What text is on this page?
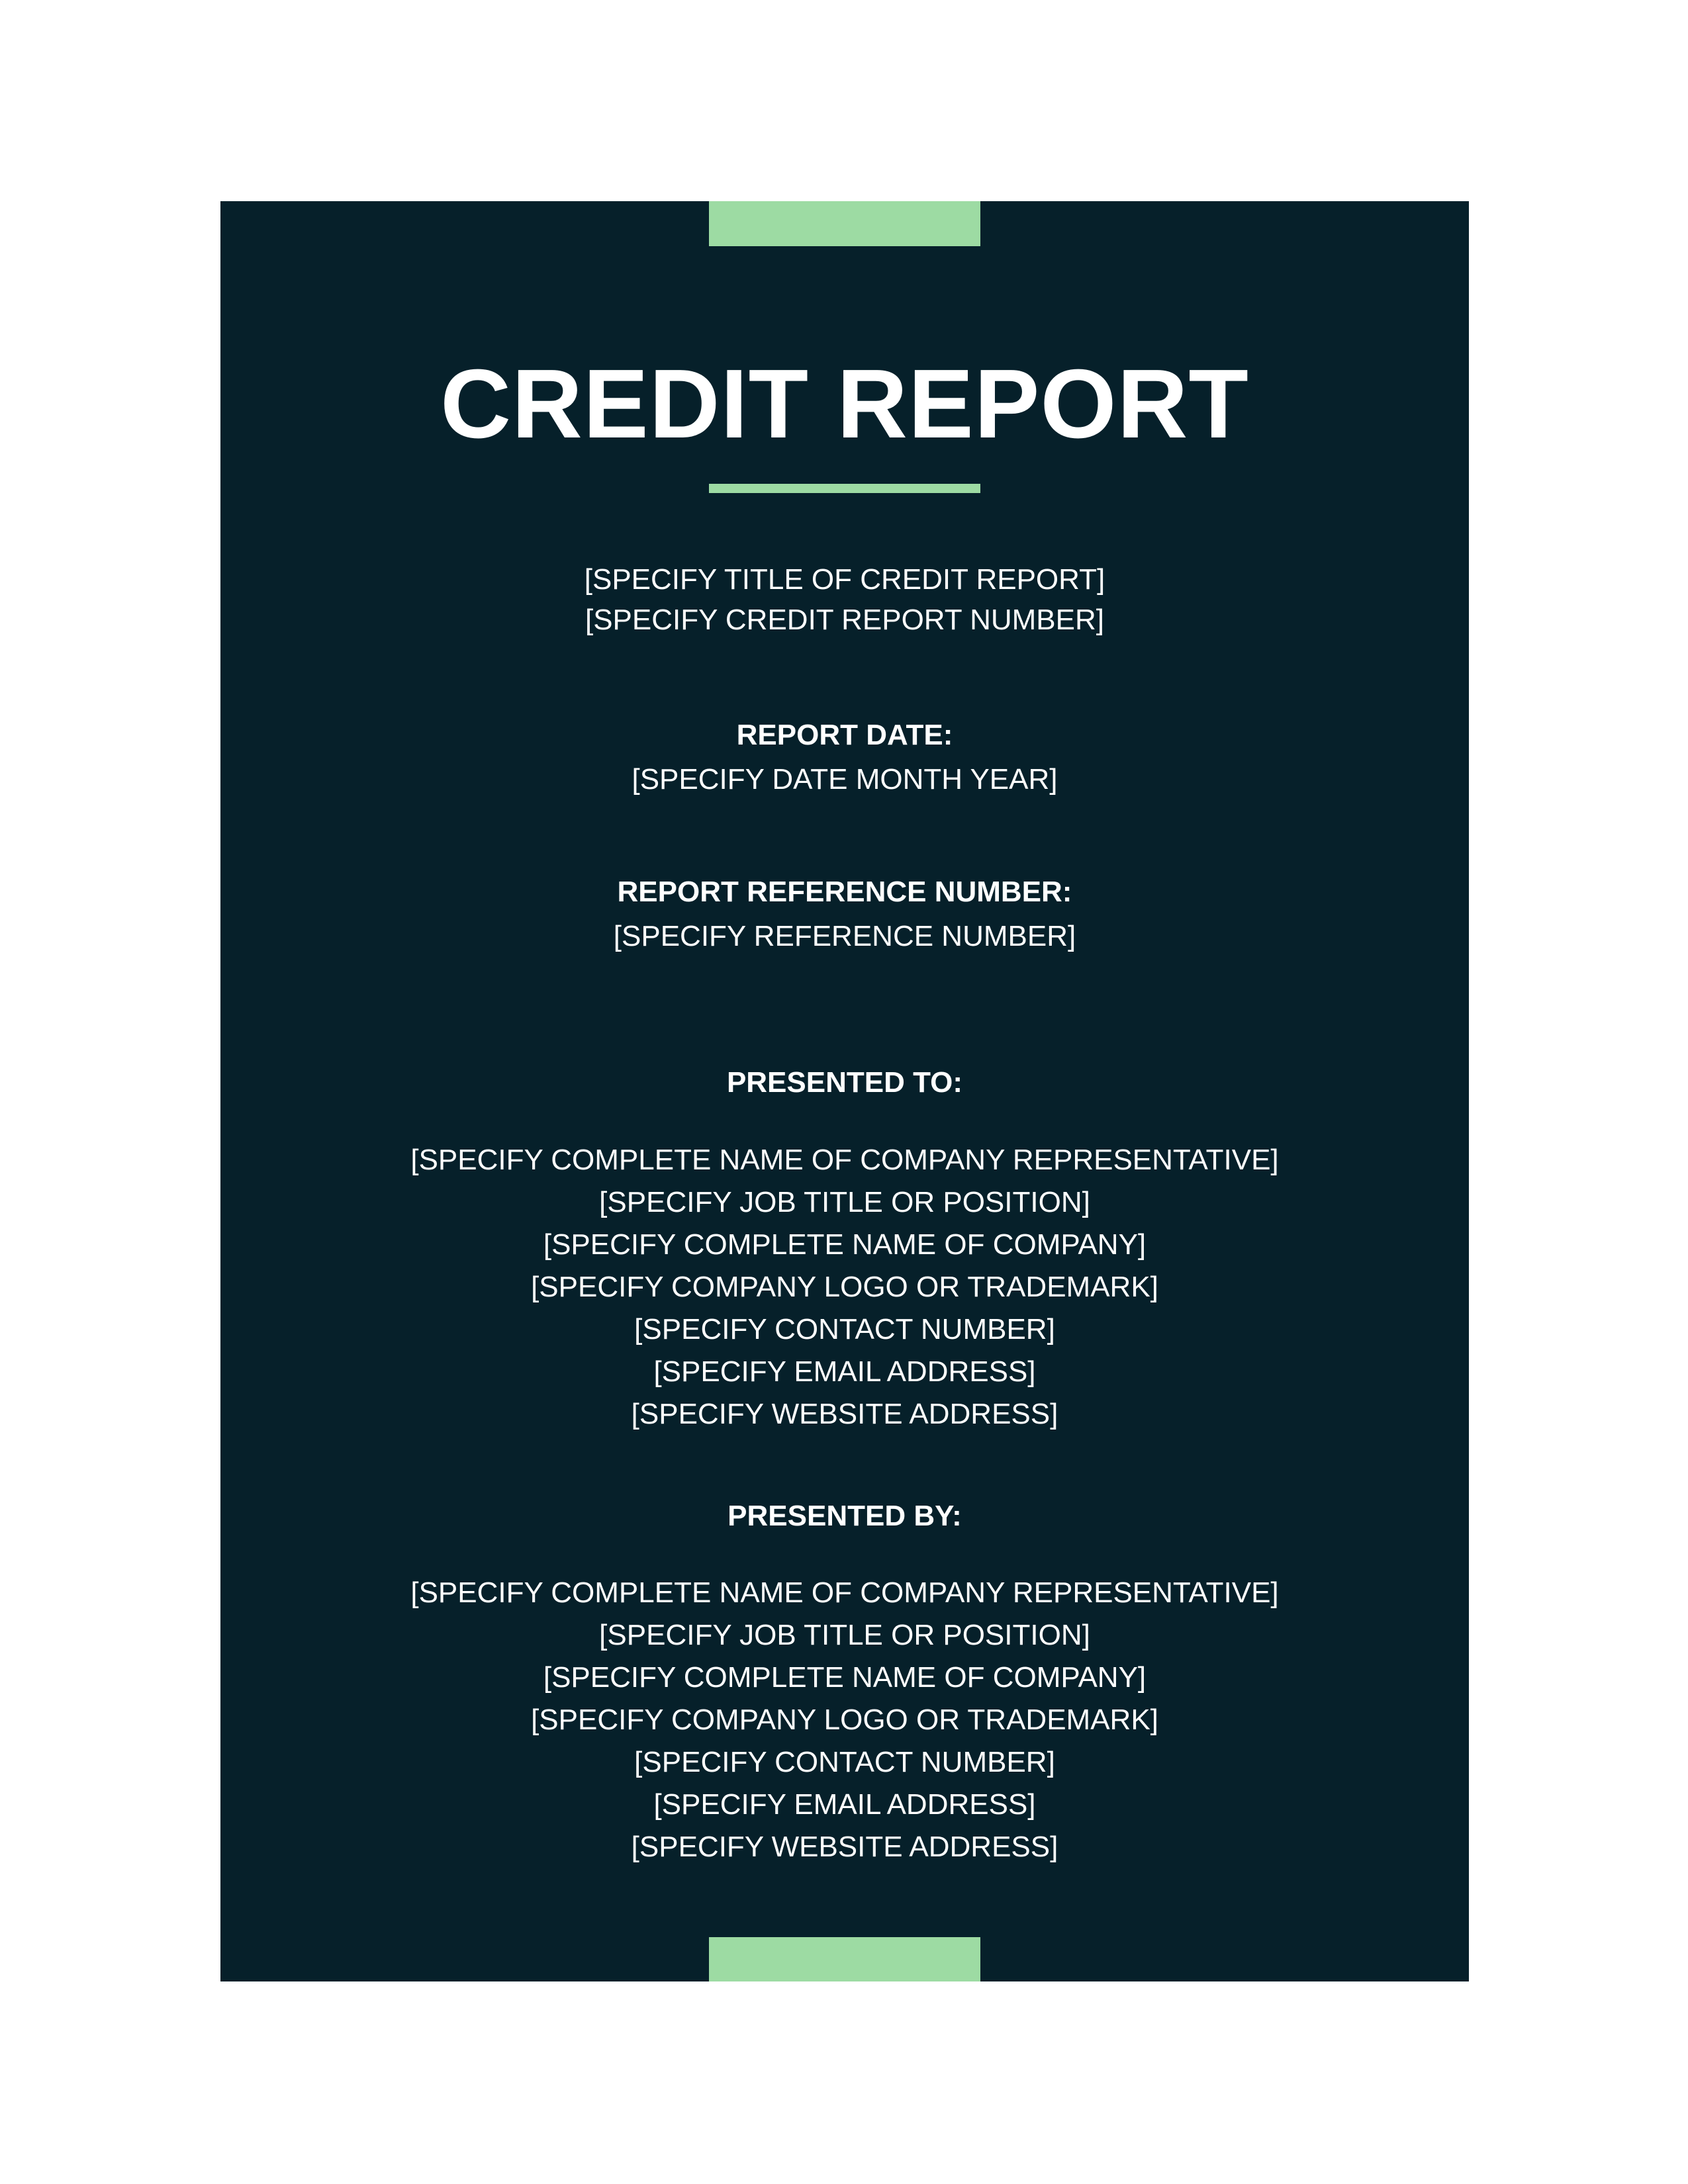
CREDIT REPORT
[SPECIFY TITLE OF CREDIT REPORT]
[SPECIFY CREDIT REPORT NUMBER]
REPORT DATE:
[SPECIFY DATE MONTH YEAR]
REPORT REFERENCE NUMBER:
[SPECIFY REFERENCE NUMBER]
PRESENTED TO:
[SPECIFY COMPLETE NAME OF COMPANY REPRESENTATIVE]
[SPECIFY JOB TITLE OR POSITION]
[SPECIFY COMPLETE NAME OF COMPANY]
[SPECIFY COMPANY LOGO OR TRADEMARK]
[SPECIFY CONTACT NUMBER]
[SPECIFY EMAIL ADDRESS]
[SPECIFY WEBSITE ADDRESS]
PRESENTED BY:
[SPECIFY COMPLETE NAME OF COMPANY REPRESENTATIVE]
[SPECIFY JOB TITLE OR POSITION]
[SPECIFY COMPLETE NAME OF COMPANY]
[SPECIFY COMPANY LOGO OR TRADEMARK]
[SPECIFY CONTACT NUMBER]
[SPECIFY EMAIL ADDRESS]
[SPECIFY WEBSITE ADDRESS]
